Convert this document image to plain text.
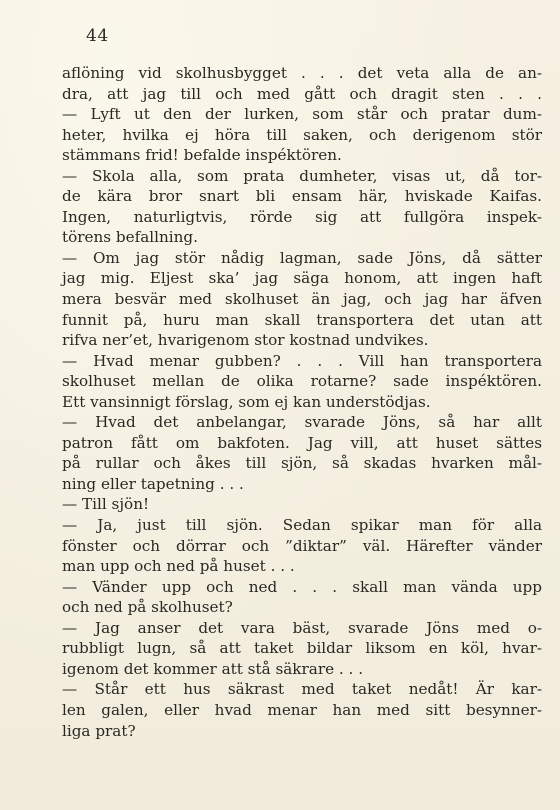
44
aflöning vid skolhusbygget . . . det veta alla de an-
dra, att jag till och med gått och dragit sten . . .
— Lyft ut den der lurken, som står och pratar dum-
heter, hvilka ej höra till saken, och derigenom stör
stämmans frid! befalde inspéktören.
— Skola alla, som prata dumheter, visas ut, då tor-
de kära bror snart bli ensam här, hviskade Kaifas.
Ingen, naturligtvis, rörde sig att fullgöra inspek-
törens befallning.
— Om jag stör nådig lagman, sade Jöns, då sätter
jag mig. Eljest ska’ jag säga honom, att ingen haft
mera besvär med skolhuset än jag, och jag har äfven
funnit på, huru man skall transportera det utan att
rifva ner’et, hvarigenom stor kostnad undvikes.
— Hvad menar gubben? . . . Vill han transportera
skolhuset mellan de olika rotarne? sade inspéktören.
Ett vansinnigt förslag, som ej kan understödjas.
— Hvad det anbelangar, svarade Jöns, så har allt
patron fått om bakfoten. Jag vill, att huset sättes
på rullar och åkes till sjön, så skadas hvarken mål-
ning eller tapetning . . .
— Till sjön!
— Ja, just till sjön. Sedan spikar man för alla
fönster och dörrar och ”diktar” väl. Härefter vänder
man upp och ned på huset . . .
— Vänder upp och ned . . . skall man vända upp
och ned på skolhuset?
— Jag anser det vara bäst, svarade Jöns med o-
rubbligt lugn, så att taket bildar liksom en köl, hvar-
igenom det kommer att stå säkrare . . .
— Står ett hus säkrast med taket nedåt! Är kar-
len galen, eller hvad menar han med sitt besynner-
liga prat?
